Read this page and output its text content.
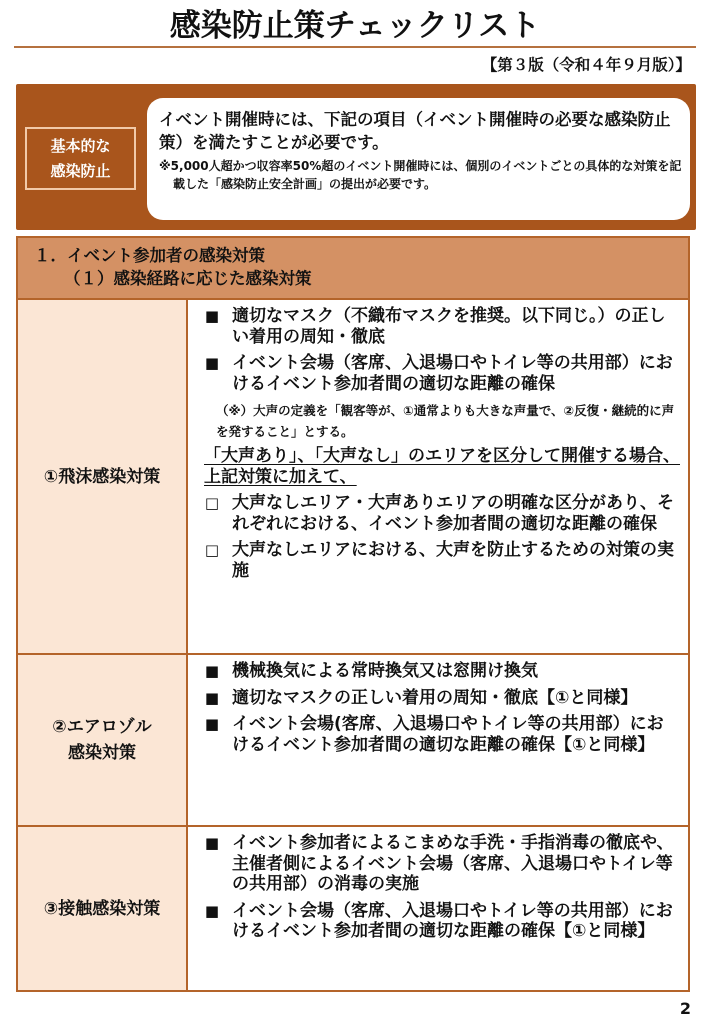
感染防止策チェックリスト
【第３版（令和４年９月版）】
基本的な
感染防止
イベント開催時には、下記の項目（イベント開催時の必要な感染防止策）を満たすことが必要です。
※5,000人超かつ収容率50%超のイベント開催時には、個別のイベントごとの具体的な対策を記載した「感染防止安全計画」の提出が必要です。
１．イベント参加者の感染対策
（１）感染経路に応じた感染対策
①飛沫感染対策
■ 適切なマスク（不織布マスクを推奨。以下同じ。）の正しい着用の周知・徹底
■ イベント会場（客席、入退場口やトイレ等の共用部）におけるイベント参加者間の適切な距離の確保
（※）大声の定義を「観客等が、①通常よりも大きな声量で、②反復・継続的に声を発すること」とする。
「大声あり」、「大声なし」のエリアを区分して開催する場合、上記対策に加えて、
□ 大声なしエリア・大声ありエリアの明確な区分があり、それぞれにおける、イベント参加者間の適切な距離の確保
□ 大声なしエリアにおける、大声を防止するための対策の実施
②エアロゾル
感染対策
■ 機械換気による常時換気又は窓開け換気
■ 適切なマスクの正しい着用の周知・徹底【①と同様】
■ イベント会場(客席、入退場口やトイレ等の共用部）におけるイベント参加者間の適切な距離の確保【①と同様】
③接触感染対策
■ イベント参加者によるこまめな手洗・手指消毒の徹底や、主催者側によるイベント会場（客席、入退場口やトイレ等の共用部）の消毒の実施
■ イベント会場（客席、入退場口やトイレ等の共用部）におけるイベント参加者間の適切な距離の確保【①と同様】
2
